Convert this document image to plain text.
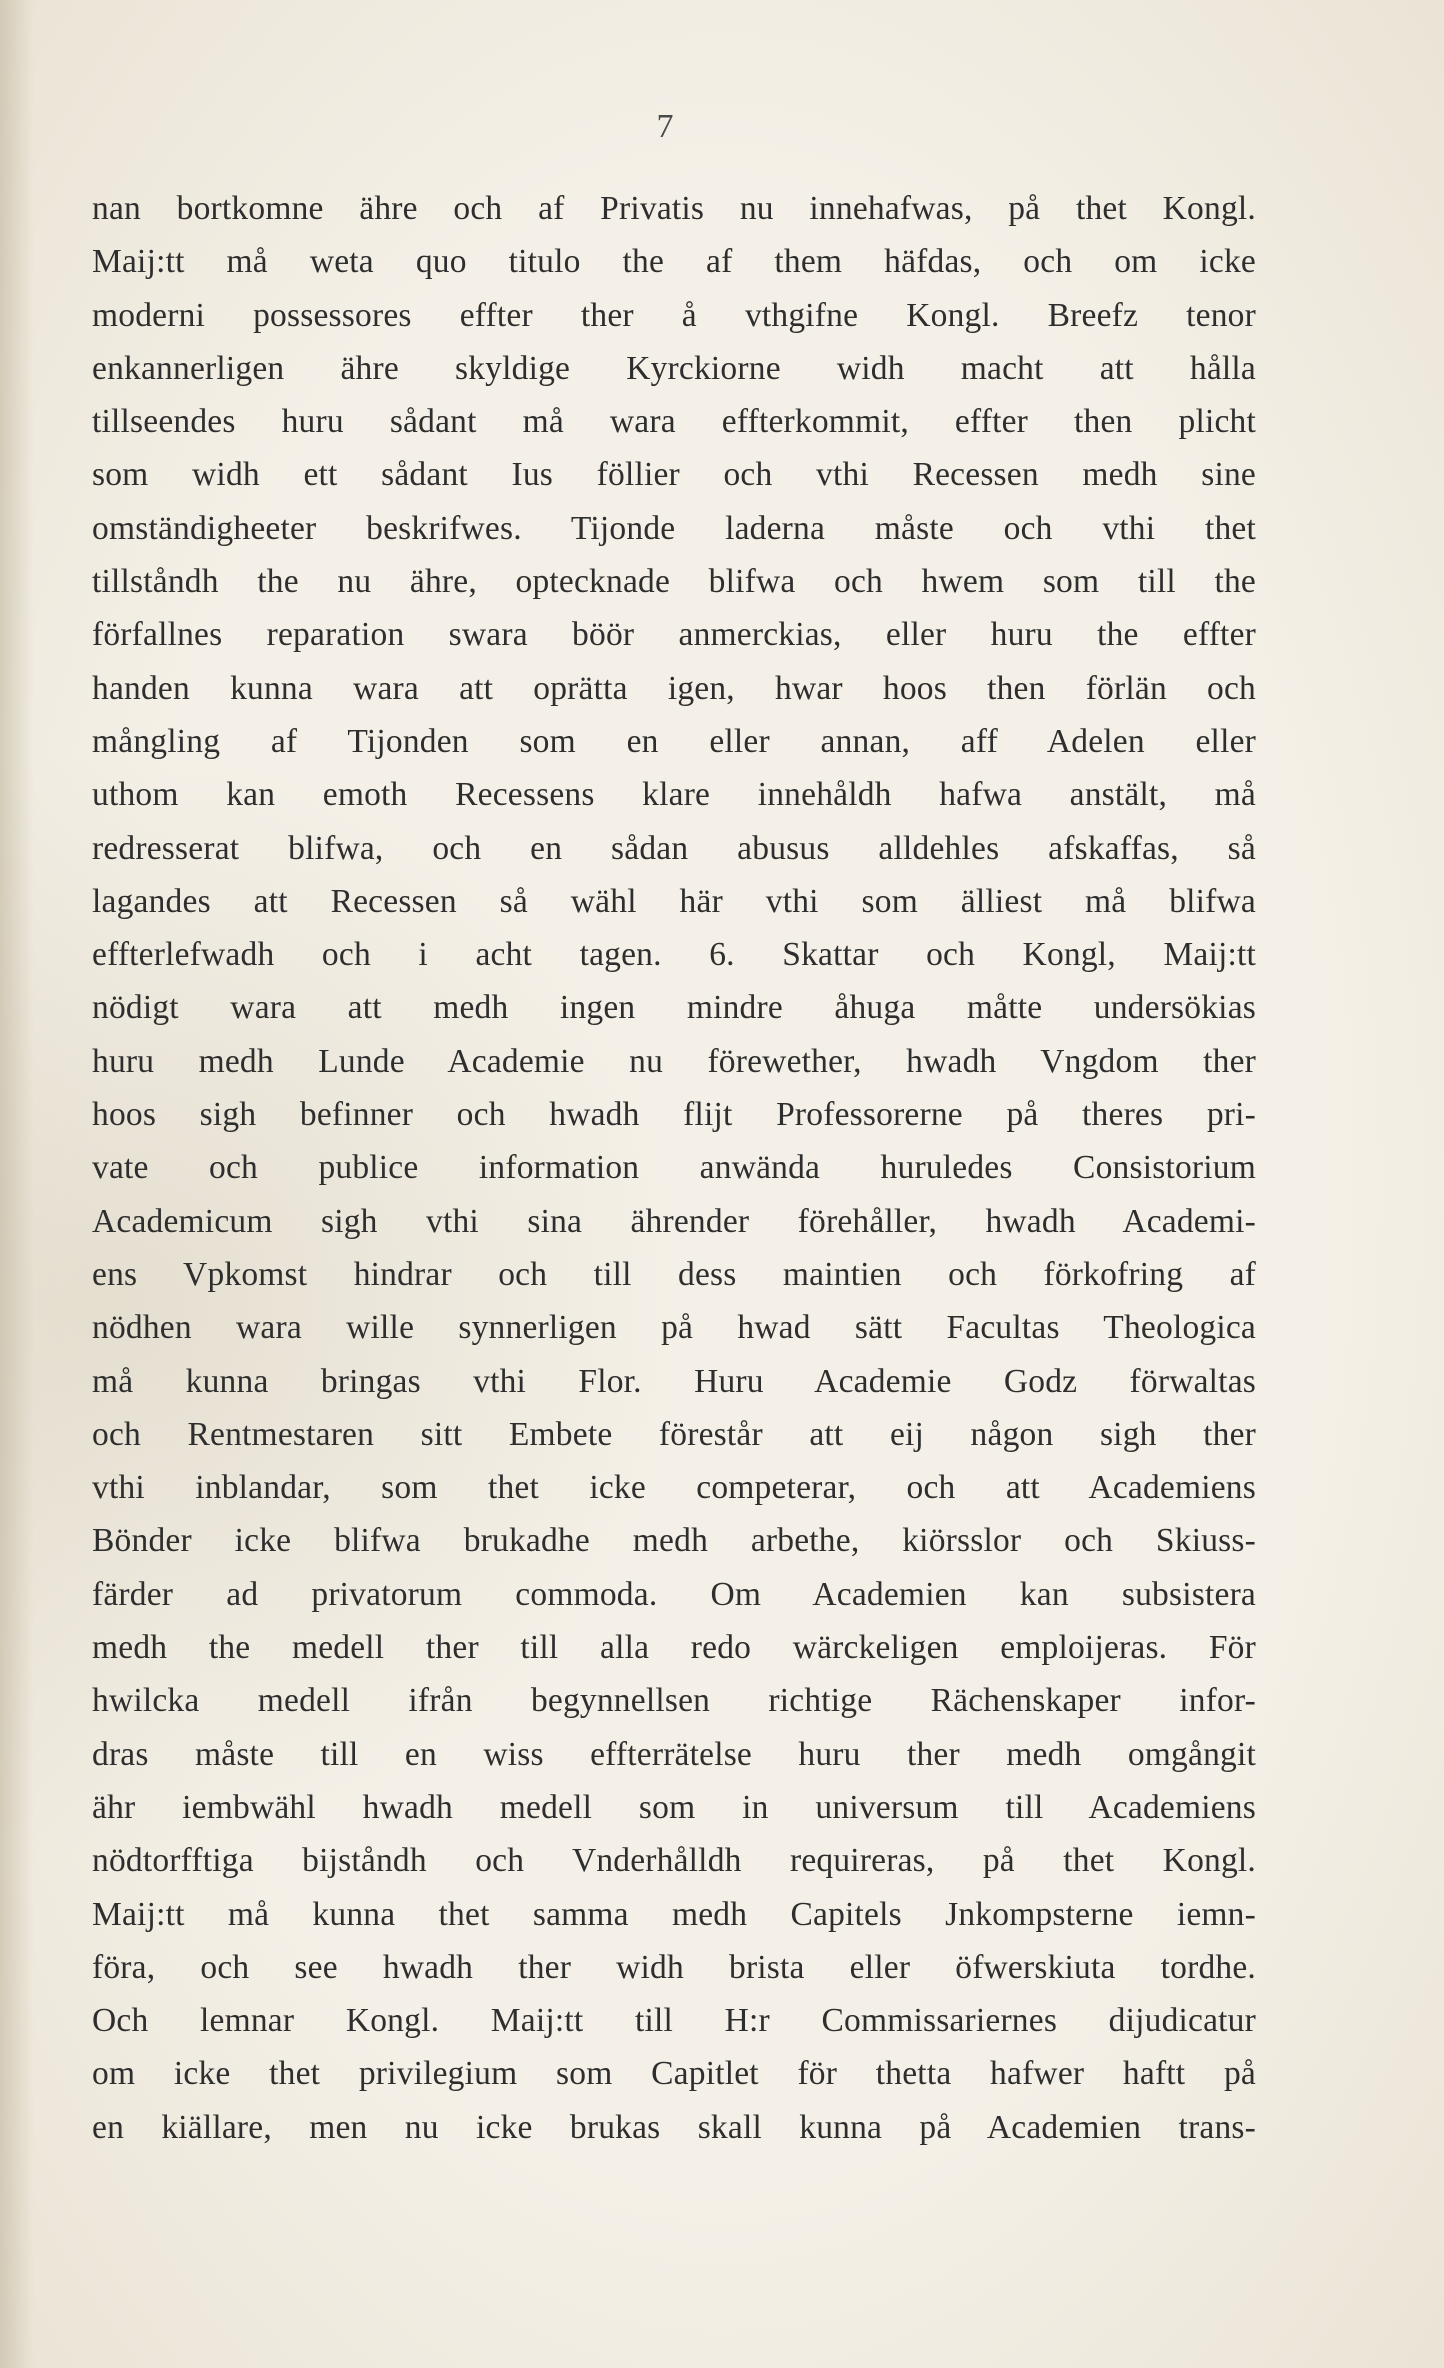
7
nan bortkomne ähre och af Privatis nu innehafwas, på thet Kongl.
Maij:tt må weta quo titulo the af them häfdas, och om icke
moderni possessores effter ther å vthgifne Kongl. Breefz tenor
enkannerligen ähre skyldige Kyrckiorne widh macht att hålla
tillseendes huru sådant må wara effterkommit, effter then plicht
som widh ett sådant Ius föllier och vthi Recessen medh sine
omständigheeter beskrifwes. Tijonde laderna måste och vthi thet
tillståndh the nu ähre, optecknade blifwa och hwem som till the
förfallnes reparation swara böör anmerckias, eller huru the effter
handen kunna wara att oprätta igen, hwar hoos then förlän och
mångling af Tijonden som en eller annan, aff Adelen eller
uthom kan emoth Recessens klare innehåldh hafwa anstält, må
redresserat blifwa, och en sådan abusus alldehles afskaffas, så
lagandes att Recessen så wähl här vthi som älliest må blifwa
effterlefwadh och i acht tagen. 6. Skattar och Kongl, Maij:tt
nödigt wara att medh ingen mindre åhuga måtte undersökias
huru medh Lunde Academie nu förewether, hwadh Vngdom ther
hoos sigh befinner och hwadh flijt Professorerne på theres pri-
vate och publice information anwända huruledes Consistorium
Academicum sigh vthi sina ährender förehåller, hwadh Academi-
ens Vpkomst hindrar och till dess maintien och förkofring af
nödhen wara wille synnerligen på hwad sätt Facultas Theologica
må kunna bringas vthi Flor. Huru Academie Godz förwaltas
och Rentmestaren sitt Embete förestår att eij någon sigh ther
vthi inblandar, som thet icke competerar, och att Academiens
Bönder icke blifwa brukadhe medh arbethe, kiörsslor och Skiuss-
färder ad privatorum commoda. Om Academien kan subsistera
medh the medell ther till alla redo wärckeligen emploijeras. För
hwilcka medell ifrån begynnellsen richtige Rächenskaper infor-
dras måste till en wiss effterrätelse huru ther medh omgångit
ähr iembwähl hwadh medell som in universum till Academiens
nödtorfftiga bijståndh och Vnderhålldh requireras, på thet Kongl.
Maij:tt må kunna thet samma medh Capitels Jnkompsterne iemn-
föra, och see hwadh ther widh brista eller öfwerskiuta tordhe.
Och lemnar Kongl. Maij:tt till H:r Commissariernes dijudicatur
om icke thet privilegium som Capitlet för thetta hafwer haftt på
en kiällare, men nu icke brukas skall kunna på Academien trans-
